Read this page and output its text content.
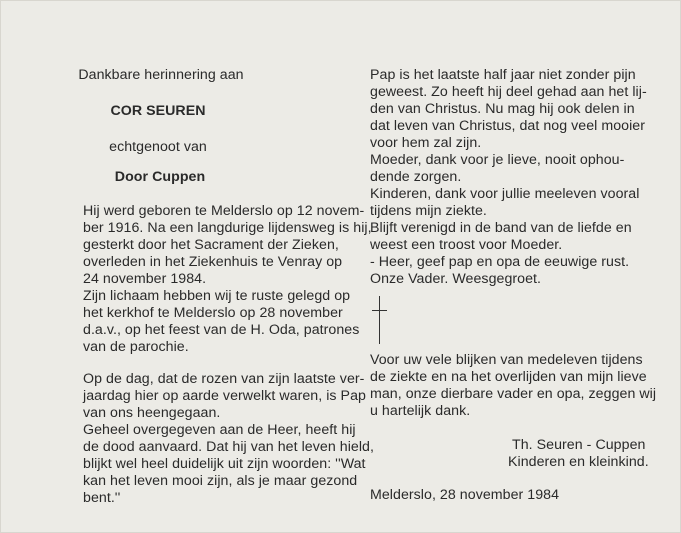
Dankbare herinnering aan
COR SEUREN
echtgenoot van
Door Cuppen
Hij werd geboren te Melderslo op 12 novem-
ber 1916. Na een langdurige lijdensweg is hij,
gesterkt door het Sacrament der Zieken,
overleden in het Ziekenhuis te Venray op
24 november 1984.
Zijn lichaam hebben wij te ruste gelegd op
het kerkhof te Melderslo op 28 november
d.a.v., op het feest van de H. Oda, patrones
van de parochie.
Op de dag, dat de rozen van zijn laatste ver-
jaardag hier op aarde verwelkt waren, is Pap
van ons heengegaan.
Geheel overgegeven aan de Heer, heeft hij
de dood aanvaard. Dat hij van het leven hield,
blijkt wel heel duidelijk uit zijn woorden: ''Wat
kan het leven mooi zijn, als je maar gezond
bent.''
Pap is het laatste half jaar niet zonder pijn
geweest. Zo heeft hij deel gehad aan het lij-
den van Christus. Nu mag hij ook delen in
dat leven van Christus, dat nog veel mooier
voor hem zal zijn.
Moeder, dank voor je lieve, nooit ophou-
dende zorgen.
Kinderen, dank voor jullie meeleven vooral
tijdens mijn ziekte.
Blijft verenigd in de band van de liefde en
weest een troost voor Moeder.
- Heer, geef pap en opa de eeuwige rust.
Onze Vader. Weesgegroet.
Voor uw vele blijken van medeleven tijdens
de ziekte en na het overlijden van mijn lieve
man, onze dierbare vader en opa, zeggen wij
u hartelijk dank.
Th. Seuren - Cuppen
Kinderen en kleinkind.
Melderslo, 28 november 1984
